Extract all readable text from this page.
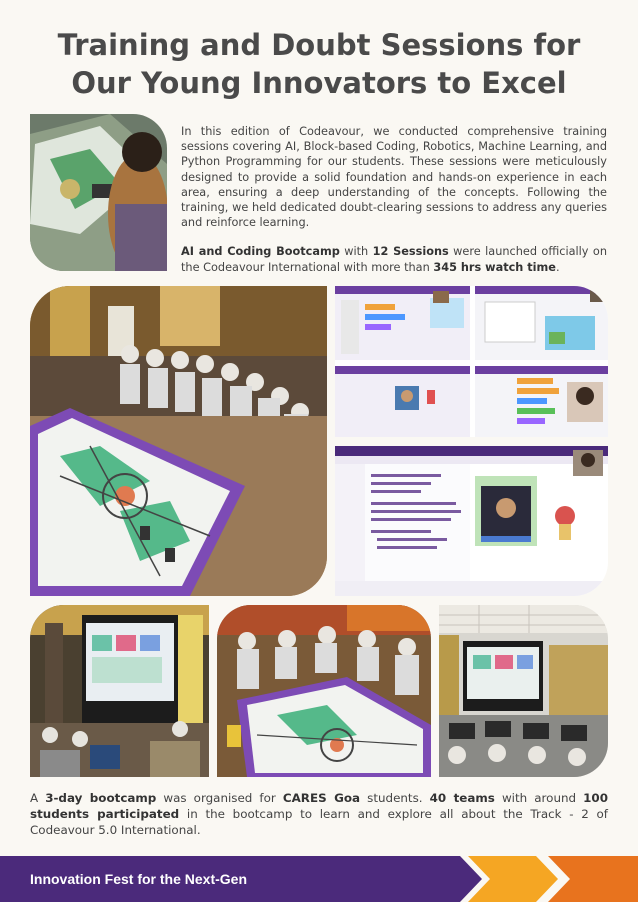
Training and Doubt Sessions for
Our Young Innovators to Excel

In this edition of Codeavour, we conducted comprehensive training sessions covering AI, Block-based Coding, Robotics, Machine Learning, and Python Programming for our students. These sessions were meticulously designed to provide a solid foundation and hands-on experience in each area, ensuring a deep understanding of the concepts. Following the training, we held dedicated doubt-clearing sessions to address any queries and reinforce learning.

AI and Coding Bootcamp with 12 Sessions were launched officially on the Codeavour International with more than 345 hrs watch time.

A 3-day bootcamp was organised for CARES Goa students. 40 teams with around 100 students participated in the bootcamp to learn and explore all about the Track - 2 of Codeavour 5.0 International.
Innovation Fest for the Next-Gen
